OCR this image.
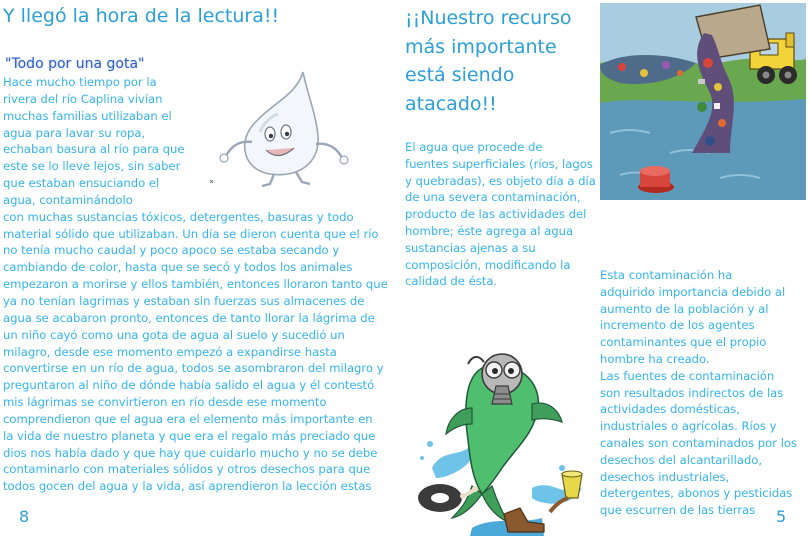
Y llegó la hora de la lectura!!
"Todo por una gota"
Hace mucho tiempo por la
rivera del río Caplina vivían
muchas familias utilizaban el
agua para lavar su ropa,
echaban basura al río para que
este se lo lleve lejos, sin saber
que estaban ensuciando el
agua, contaminándolo
con muchas sustancias tóxicos, detergentes, basuras y todo
material sólido que utilizaban. Un día se dieron cuenta que el río
no tenía mucho caudal y poco apoco se estaba secando y
cambiando de color, hasta que se secó y todos los animales
empezaron a morirse y ellos también, entonces lloraron tanto que
ya no tenían lagrimas y estaban sin fuerzas sus almacenes de
agua se acabaron pronto, entonces de tanto llorar la lágrima de
un niño cayó como una gota de agua al suelo y sucedió un
milagro, desde ese momento empezó a expandirse hasta
convertirse en un río de agua, todos se asombraron del milagro y
preguntaron al niño de dónde había salido el agua y él contestó
mis lágrimas se convirtieron en río desde ese momento
comprendieron que el agua era el elemento más importante en
la vida de nuestro planeta y que era el regalo más preciado que
dios nos había dado y que hay que cuidarlo mucho y no se debe
contaminarlo con materiales sólidos y otros desechos para que
todos gocen del agua y la vida, así aprendieron la lección estas
8
¡¡Nuestro recurso
más importante
está siendo
atacado!!
El agua que procede de
fuentes superficiales (ríos, lagos
y quebradas), es objeto día a día
de una severa contaminación,
producto de las actividades del
hombre; éste agrega al agua
sustancias ajenas a su
composición, modificando la
calidad de ésta.	Esta contaminación ha
adquirido importancia debido al
aumento de la población y al
incremento de los agentes
contaminantes que el propio
hombre ha creado.
Las fuentes de contaminación
son resultados indirectos de las
actividades domésticas,
industriales o agrícolas. Ríos y
canales son contaminados por los
desechos del alcantarillado,
desechos industriales,
detergentes, abonos y pesticidas
que escurren de las tierras	5
